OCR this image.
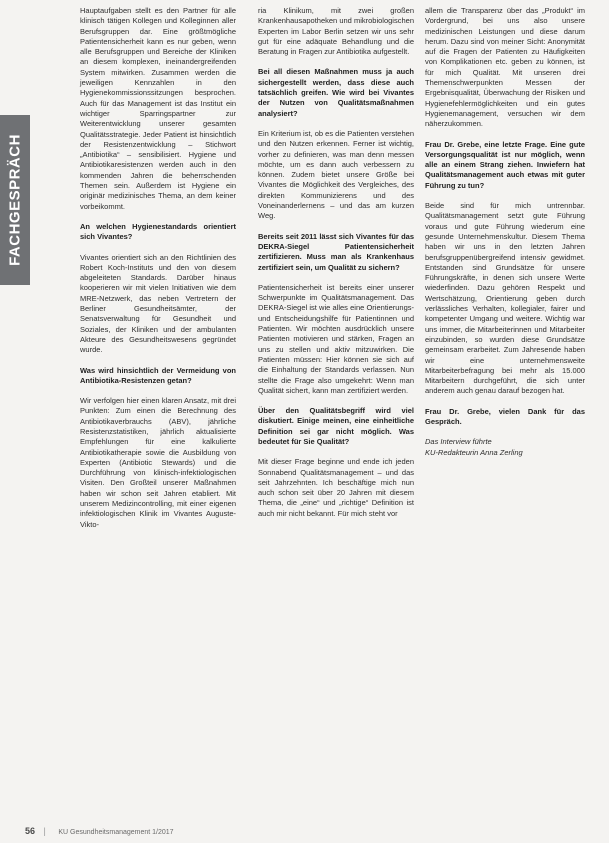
FACHGESPRÄCH

Hauptaufgaben stellt es den Partner für alle klinisch tätigen Kollegen und Kolleginnen aller Berufsgruppen dar. Eine größtmögliche Patientensicherheit kann es nur geben, wenn alle Berufsgruppen und Bereiche der Kliniken an diesem komplexen, ineinandergreifenden System mitwirken. Zusammen werden die jeweiligen Kennzahlen in den Hygienekommissionssitzungen besprochen. Auch für das Management ist das Institut ein wichtiger Sparringspartner zur Weiterentwicklung unserer gesamten Qualitätsstrategie. Jeder Patient ist hinsichtlich der Resistenzentwicklung – Stichwort „Antibiotika“ – sensibilisiert. Hygiene und Antibiotikaresistenzen werden auch in den kommenden Jahren die beherrschenden Themen sein. Außerdem ist Hygiene ein originär medizinisches Thema, an dem keiner vorbeikommt.

An welchen Hygienestandards orientiert sich Vivantes?

Vivantes orientiert sich an den Richtlinien des Robert Koch-Instituts und den von diesem abgeleiteten Standards. Darüber hinaus kooperieren wir mit vielen Initiativen wie dem MRE-Netzwerk, das neben Vertretern der Berliner Gesundheitsämter, der Senatsverwaltung für Gesundheit und Soziales, der Kliniken und der ambulanten Akteure des Gesundheitswesens gegründet wurde.

Was wird hinsichtlich der Vermeidung von Antibiotika-Resistenzen getan?

Wir verfolgen hier einen klaren Ansatz, mit drei Punkten: Zum einen die Berechnung des Antibiotikaverbrauchs (ABV), jährliche Resistenzstatistiken, jährlich aktualisierte Empfehlungen für eine kalkulierte Antibiotikatherapie sowie die Ausbildung von Experten (Antibiotic Stewards) und die Durchführung von klinisch-infektiologischen Visiten. Den Großteil unserer Maßnahmen haben wir schon seit Jahren etabliert. Mit unserem Medizincontrolling, mit einer eigenen infektiologischen Klinik im Vivantes Auguste-Vikto-

ria Klinikum, mit zwei großen Krankenhausapotheken und mikrobiologischen Experten im Labor Berlin setzen wir uns sehr gut für eine adäquate Behandlung und die Beratung in Fragen zur Antibiotika aufgestellt.

Bei all diesen Maßnahmen muss ja auch sichergestellt werden, dass diese auch tatsächlich greifen. Wie wird bei Vivantes der Nutzen von Qualitätsmaßnahmen analysiert?

Ein Kriterium ist, ob es die Patienten verstehen und den Nutzen erkennen. Ferner ist wichtig, vorher zu definieren, was man denn messen möchte, um es dann auch verbessern zu können. Zudem bietet unsere Größe bei Vivantes die Möglichkeit des Vergleiches, des direkten Kommunizierens und des Voneinanderlernens – und das am kurzen Weg.

Bereits seit 2011 lässt sich Vivantes für das DEKRA-Siegel Patientensicherheit zertifizieren. Muss man als Krankenhaus zertifiziert sein, um Qualität zu sichern?

Patientensicherheit ist bereits einer unserer Schwerpunkte im Qualitätsmanagement. Das DEKRA-Siegel ist wie alles eine Orientierungs- und Entscheidungshilfe für Patientinnen und Patienten. Wir möchten ausdrücklich unsere Patienten motivieren und stärken, Fragen an uns zu stellen und aktiv mitzuwirken. Die Patienten müssen: Hier können sie sich auf die Einhaltung der Standards verlassen. Nun stellte die Frage also umgekehrt: Wenn man Qualität sichert, kann man zertifiziert werden.

Über den Qualitätsbegriff wird viel diskutiert. Einige meinen, eine einheitliche Definition sei gar nicht möglich. Was bedeutet für Sie Qualität?

Mit dieser Frage beginne und ende ich jeden Sonnabend Qualitätsmanagement – und das seit Jahrzehnten. Ich beschäftige mich nun auch schon seit über 20 Jahren mit diesem Thema, die „eine“ und „richtige“ Definition ist auch mir nicht bekannt. Für mich steht vor

allem die Transparenz über das „Produkt“ im Vordergrund, bei uns also unsere medizinischen Leistungen und diese darum herum. Dazu sind von meiner Sicht: Anonymität auf die Fragen der Patienten zu Häufigkeiten von Komplikationen etc. geben zu können, ist für mich Qualität. Mit unseren drei Themenschwerpunkten Messen der Ergebnisqualität, Überwachung der Risiken und Hygienefehlermöglichkeiten und ein gutes Hygienemanagement, versuchen wir dem näherzukommen.

Frau Dr. Grebe, eine letzte Frage. Eine gute Versorgungsqualität ist nur möglich, wenn alle an einem Strang ziehen. Inwiefern hat Qualitätsmanagement auch etwas mit guter Führung zu tun?

Beide sind für mich untrennbar. Qualitätsmanagement setzt gute Führung voraus und gute Führung wiederum eine gesunde Unternehmenskultur. Diesem Thema haben wir uns in den letzten Jahren berufsgruppenübergreifend intensiv gewidmet. Entstanden sind Grundsätze für unsere Führungskräfte, in denen sich unsere Werte wiederfinden. Dazu gehören Respekt und Wertschätzung, Orientierung geben durch verlässliches Verhalten, kollegialer, fairer und kompetenter Umgang und weitere. Wichtig war uns immer, die Mitarbeiterinnen und Mitarbeiter einzubinden, so wurden diese Grundsätze gemeinsam erarbeitet. Zum Jahresende haben wir eine unternehmensweite Mitarbeiterbefragung bei mehr als 15.000 Mitarbeitern durchgeführt, die sich unter anderem auch genau darauf bezogen hat.

Frau Dr. Grebe, vielen Dank für das Gespräch.

Das Interview führte
KU-Redakteurin Anna Zerling

56 | KU Gesundheitsmanagement 1/2017
